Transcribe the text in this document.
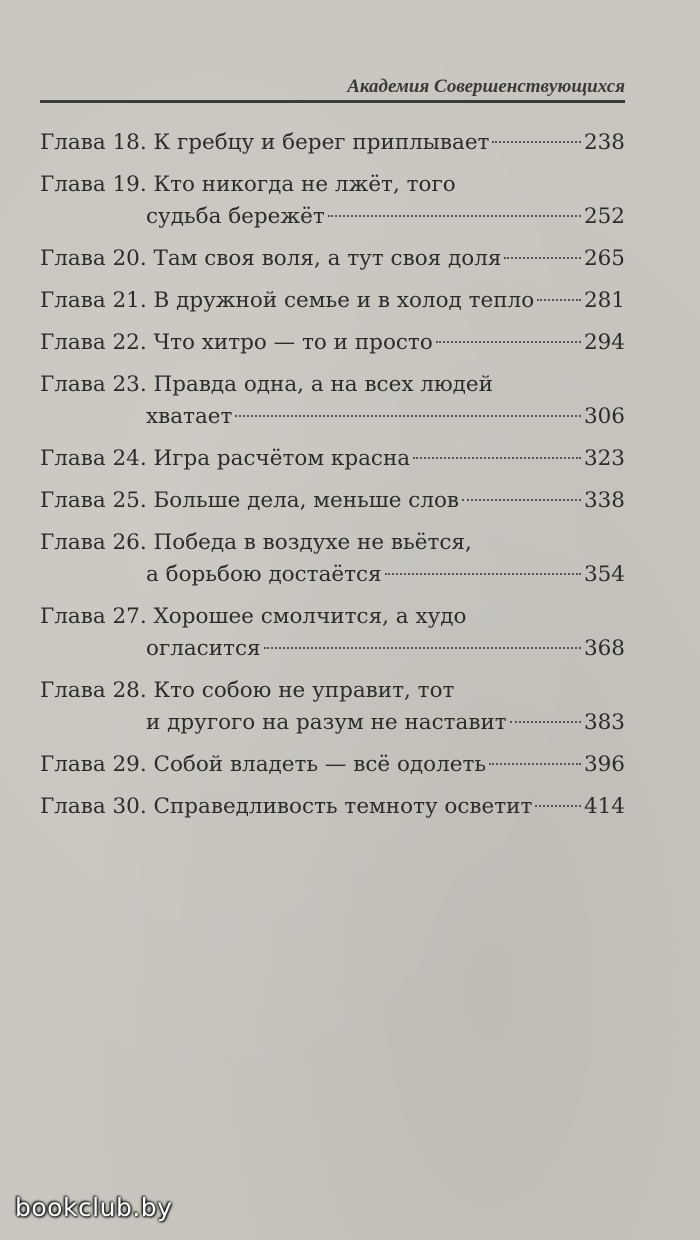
Академия Совершенствующихся
Глава 18. К гребцу и берег приплывает	238
Глава 19. Кто никогда не лжёт, того
судьба бережёт	252
Глава 20. Там своя воля, а тут своя доля	265
Глава 21. В дружной семье и в холод тепло 281
Глава 22. Что хитро — то и просто	294
Глава 23. Правда одна, а на всех людей
хватает	306
Глава 24. Игра расчётом красна	323
Глава 25. Больше дела, меньше слов	338
Глава 26. Победа в воздухе не вьётся,
а борьбою достаётся	354
Глава 27. Хорошее смолчится, а худо
огласится	368
Глава 28. Кто собою не управит, тот
и другого на разум не наставит	383
Глава 29. Собой владеть — всё одолеть	396
Глава 30. Справедливость темноту осветит 414
bookclub.by
